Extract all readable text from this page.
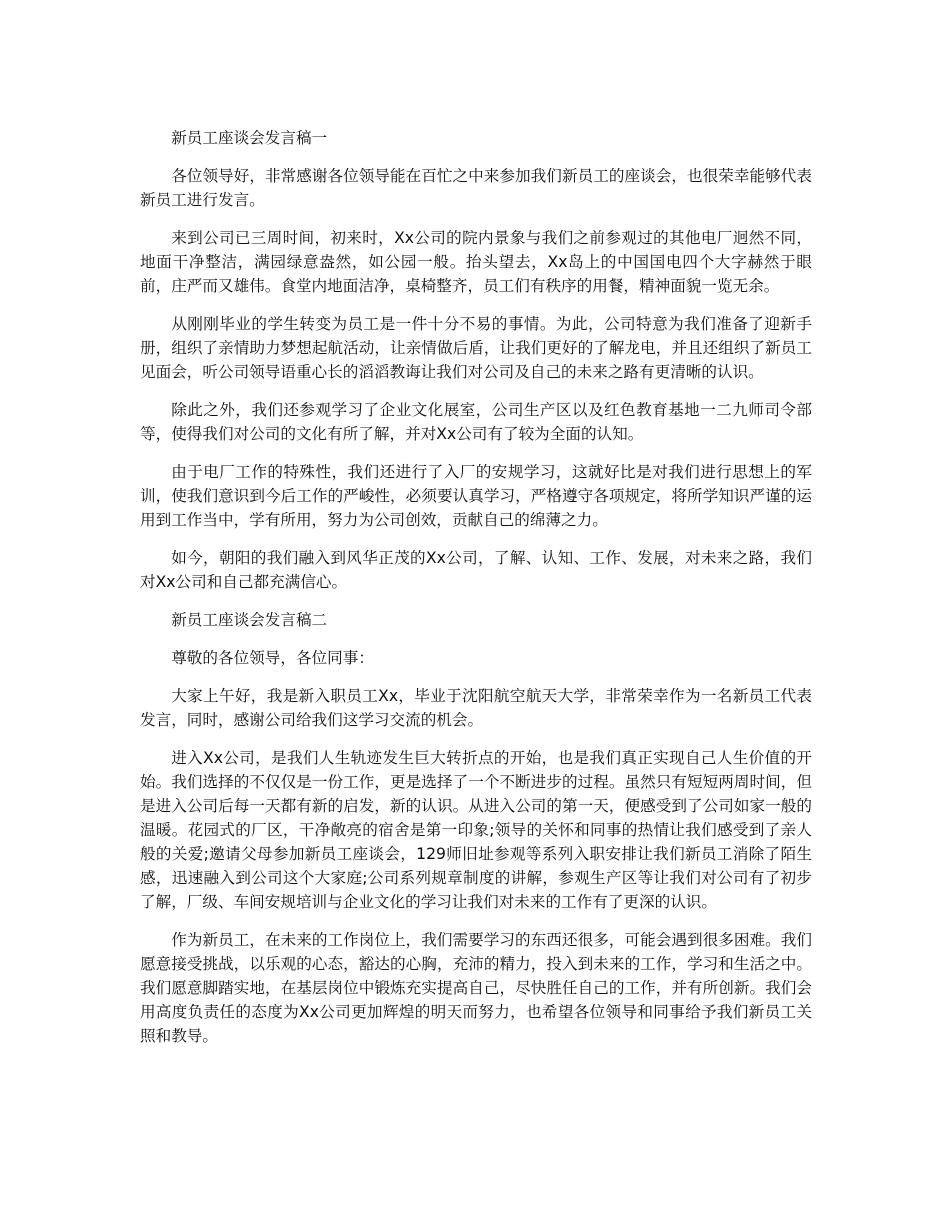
新员工座谈会发言稿一

各位领导好，非常感谢各位领导能在百忙之中来参加我们新员工的座谈会，也很荣幸能够代表新员工进行发言。

来到公司已三周时间，初来时，Xx公司的院内景象与我们之前参观过的其他电厂迥然不同，地面干净整洁，满园绿意盎然，如公园一般。抬头望去，Xx岛上的中国国电四个大字赫然于眼前，庄严而又雄伟。食堂内地面洁净，桌椅整齐，员工们有秩序的用餐，精神面貌一览无余。

从刚刚毕业的学生转变为员工是一件十分不易的事情。为此，公司特意为我们准备了迎新手册，组织了亲情助力梦想起航活动，让亲情做后盾，让我们更好的了解龙电，并且还组织了新员工见面会，听公司领导语重心长的滔滔教诲让我们对公司及自己的未来之路有更清晰的认识。

除此之外，我们还参观学习了企业文化展室，公司生产区以及红色教育基地一二九师司令部等，使得我们对公司的文化有所了解，并对Xx公司有了较为全面的认知。

由于电厂工作的特殊性，我们还进行了入厂的安规学习，这就好比是对我们进行思想上的军训，使我们意识到今后工作的严峻性，必须要认真学习，严格遵守各项规定，将所学知识严谨的运用到工作当中，学有所用，努力为公司创效，贡献自己的绵薄之力。

如今，朝阳的我们融入到风华正茂的Xx公司，了解、认知、工作、发展，对未来之路，我们对Xx公司和自己都充满信心。

新员工座谈会发言稿二

尊敬的各位领导，各位同事：

大家上午好，我是新入职员工Xx，毕业于沈阳航空航天大学，非常荣幸作为一名新员工代表发言，同时，感谢公司给我们这学习交流的机会。

进入Xx公司，是我们人生轨迹发生巨大转折点的开始，也是我们真正实现自己人生价值的开始。我们选择的不仅仅是一份工作，更是选择了一个不断进步的过程。虽然只有短短两周时间，但是进入公司后每一天都有新的启发，新的认识。从进入公司的第一天，便感受到了公司如家一般的温暖。花园式的厂区，干净敞亮的宿舍是第一印象;领导的关怀和同事的热情让我们感受到了亲人般的关爱;邀请父母参加新员工座谈会，129师旧址参观等系列入职安排让我们新员工消除了陌生感，迅速融入到公司这个大家庭;公司系列规章制度的讲解，参观生产区等让我们对公司有了初步了解，厂级、车间安规培训与企业文化的学习让我们对未来的工作有了更深的认识。

作为新员工，在未来的工作岗位上，我们需要学习的东西还很多，可能会遇到很多困难。我们愿意接受挑战，以乐观的心态，豁达的心胸，充沛的精力，投入到未来的工作，学习和生活之中。我们愿意脚踏实地，在基层岗位中锻炼充实提高自己，尽快胜任自己的工作，并有所创新。我们会用高度负责任的态度为Xx公司更加辉煌的明天而努力，也希望各位领导和同事给予我们新员工关照和教导。
